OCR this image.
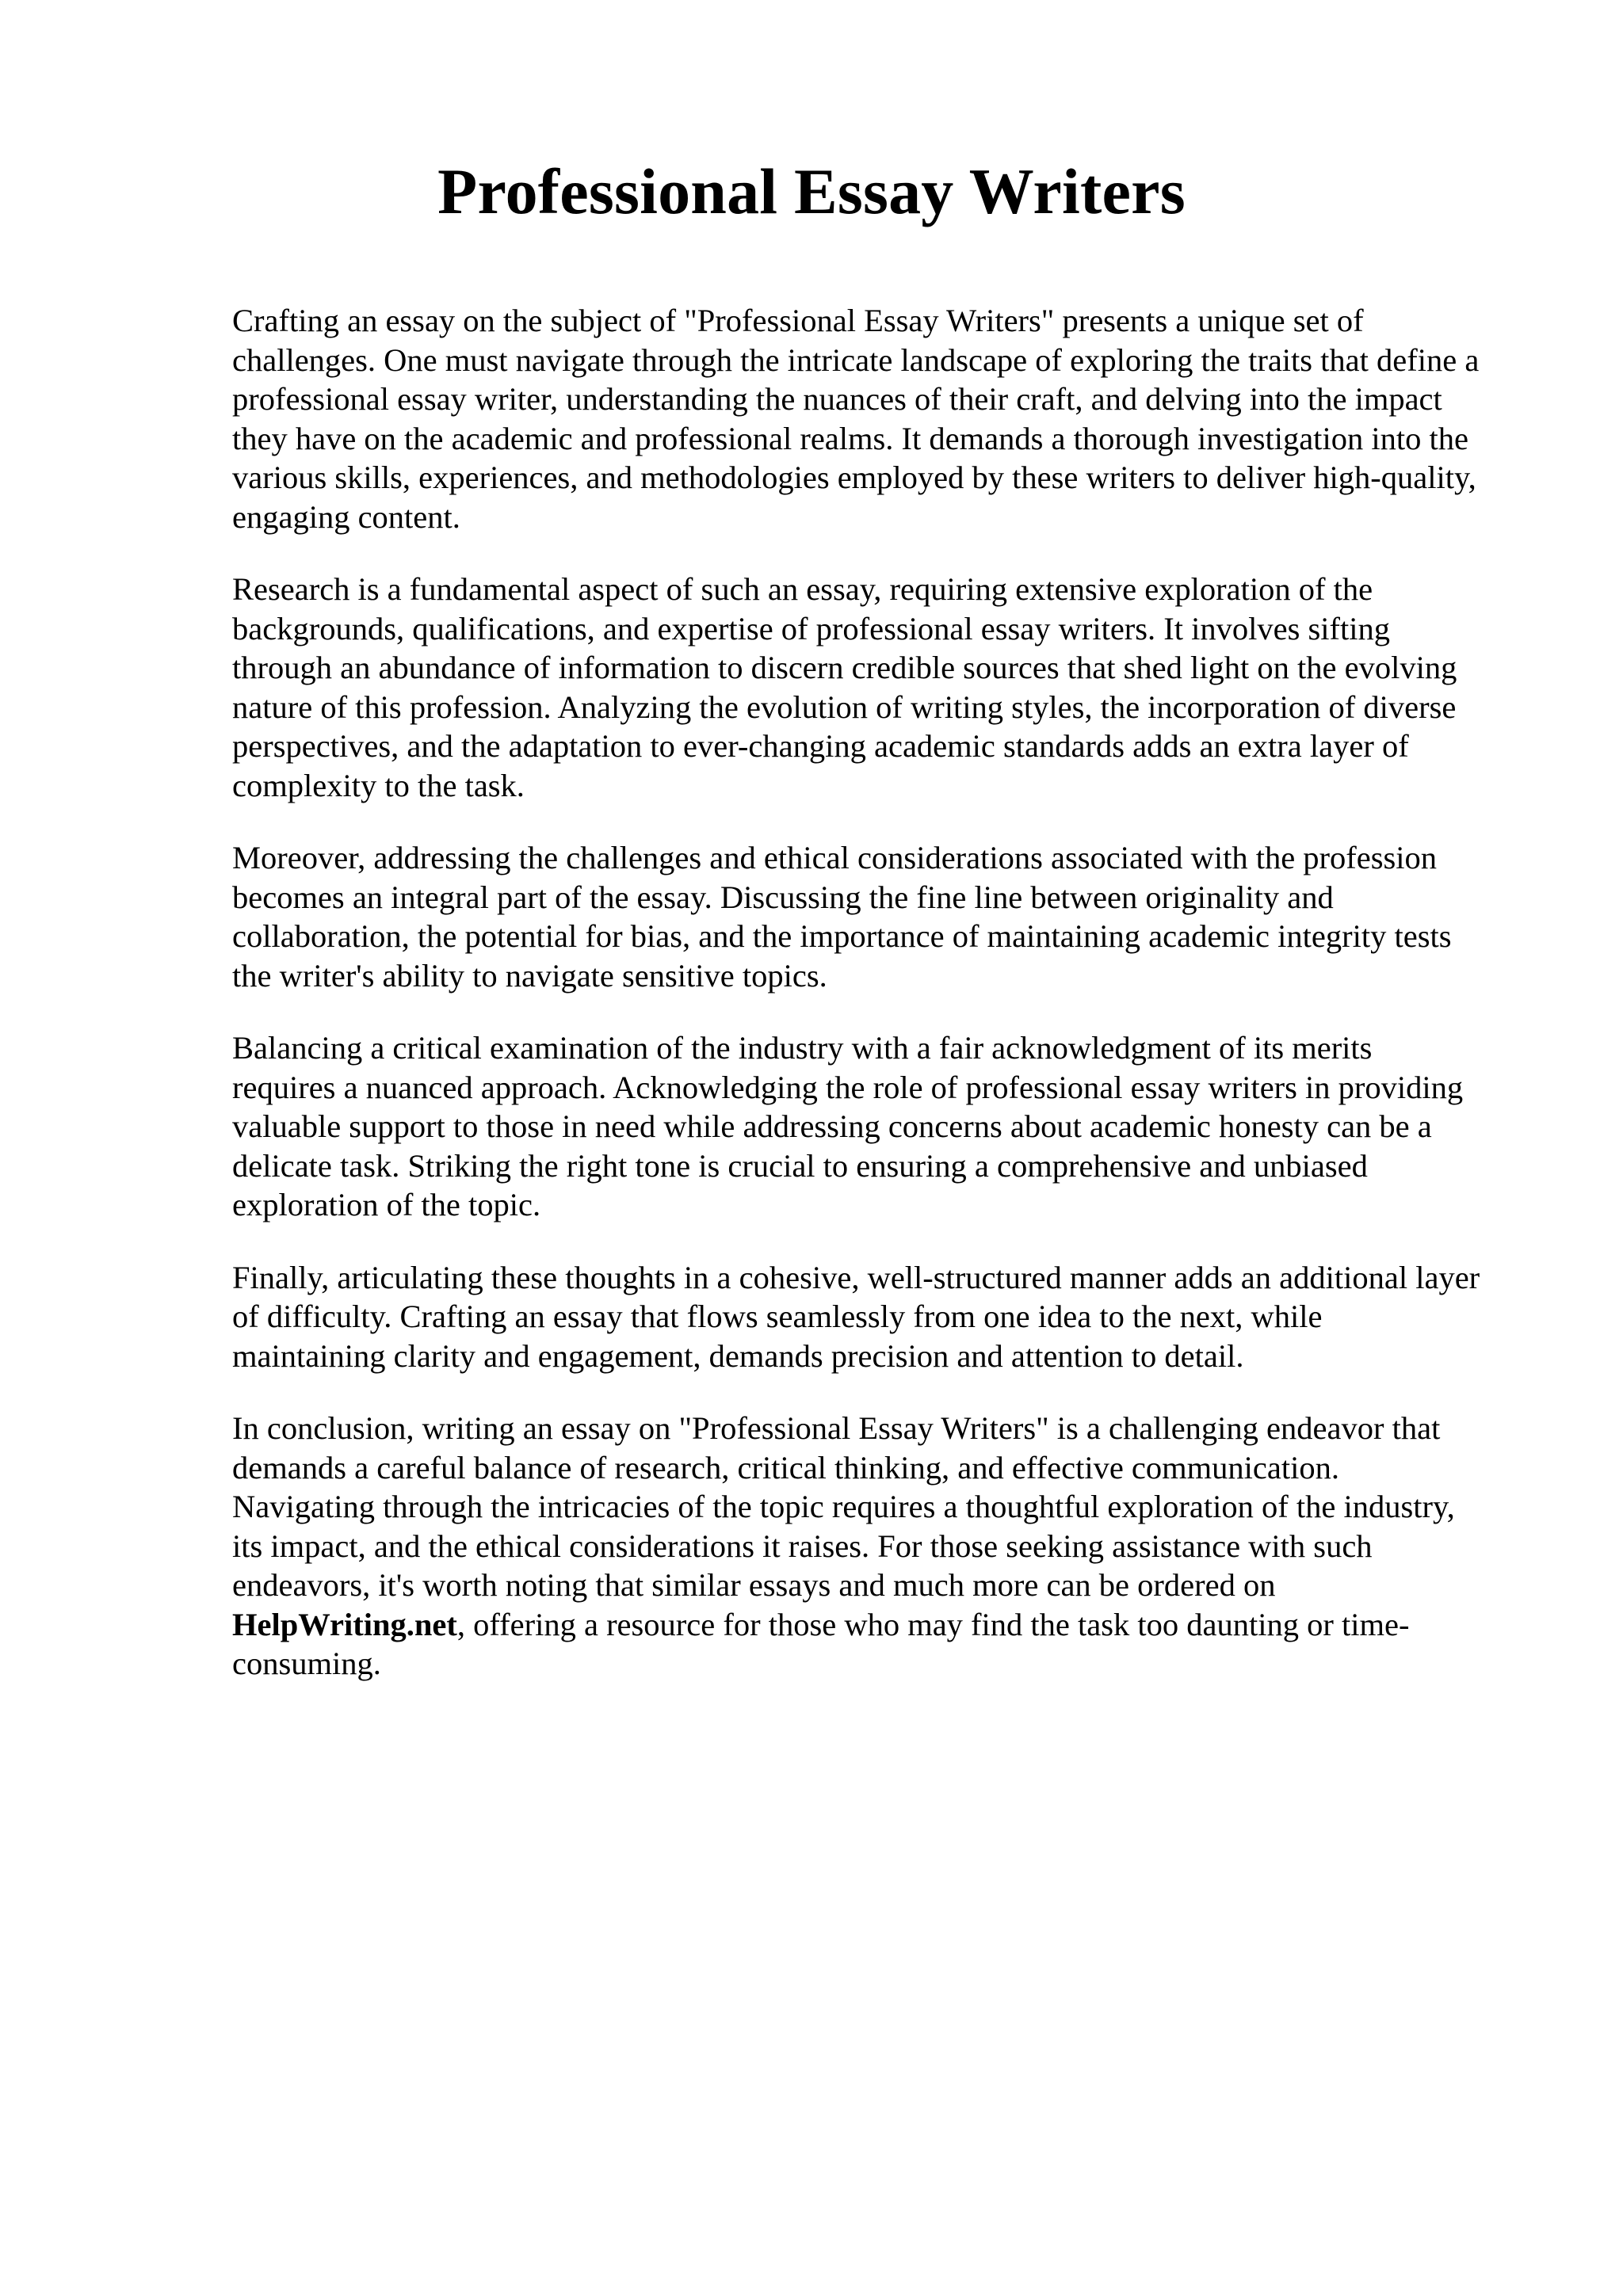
Professional Essay Writers

Crafting an essay on the subject of "Professional Essay Writers" presents a unique set of
challenges. One must navigate through the intricate landscape of exploring the traits that define a
professional essay writer, understanding the nuances of their craft, and delving into the impact
they have on the academic and professional realms. It demands a thorough investigation into the
various skills, experiences, and methodologies employed by these writers to deliver high-quality,
engaging content.

Research is a fundamental aspect of such an essay, requiring extensive exploration of the
backgrounds, qualifications, and expertise of professional essay writers. It involves sifting
through an abundance of information to discern credible sources that shed light on the evolving
nature of this profession. Analyzing the evolution of writing styles, the incorporation of diverse
perspectives, and the adaptation to ever-changing academic standards adds an extra layer of
complexity to the task.

Moreover, addressing the challenges and ethical considerations associated with the profession
becomes an integral part of the essay. Discussing the fine line between originality and
collaboration, the potential for bias, and the importance of maintaining academic integrity tests
the writer's ability to navigate sensitive topics.

Balancing a critical examination of the industry with a fair acknowledgment of its merits
requires a nuanced approach. Acknowledging the role of professional essay writers in providing
valuable support to those in need while addressing concerns about academic honesty can be a
delicate task. Striking the right tone is crucial to ensuring a comprehensive and unbiased
exploration of the topic.

Finally, articulating these thoughts in a cohesive, well-structured manner adds an additional layer
of difficulty. Crafting an essay that flows seamlessly from one idea to the next, while
maintaining clarity and engagement, demands precision and attention to detail.

In conclusion, writing an essay on "Professional Essay Writers" is a challenging endeavor that
demands a careful balance of research, critical thinking, and effective communication.
Navigating through the intricacies of the topic requires a thoughtful exploration of the industry,
its impact, and the ethical considerations it raises. For those seeking assistance with such
endeavors, it's worth noting that similar essays and much more can be ordered on
HelpWriting.net, offering a resource for those who may find the task too daunting or time-
consuming.
